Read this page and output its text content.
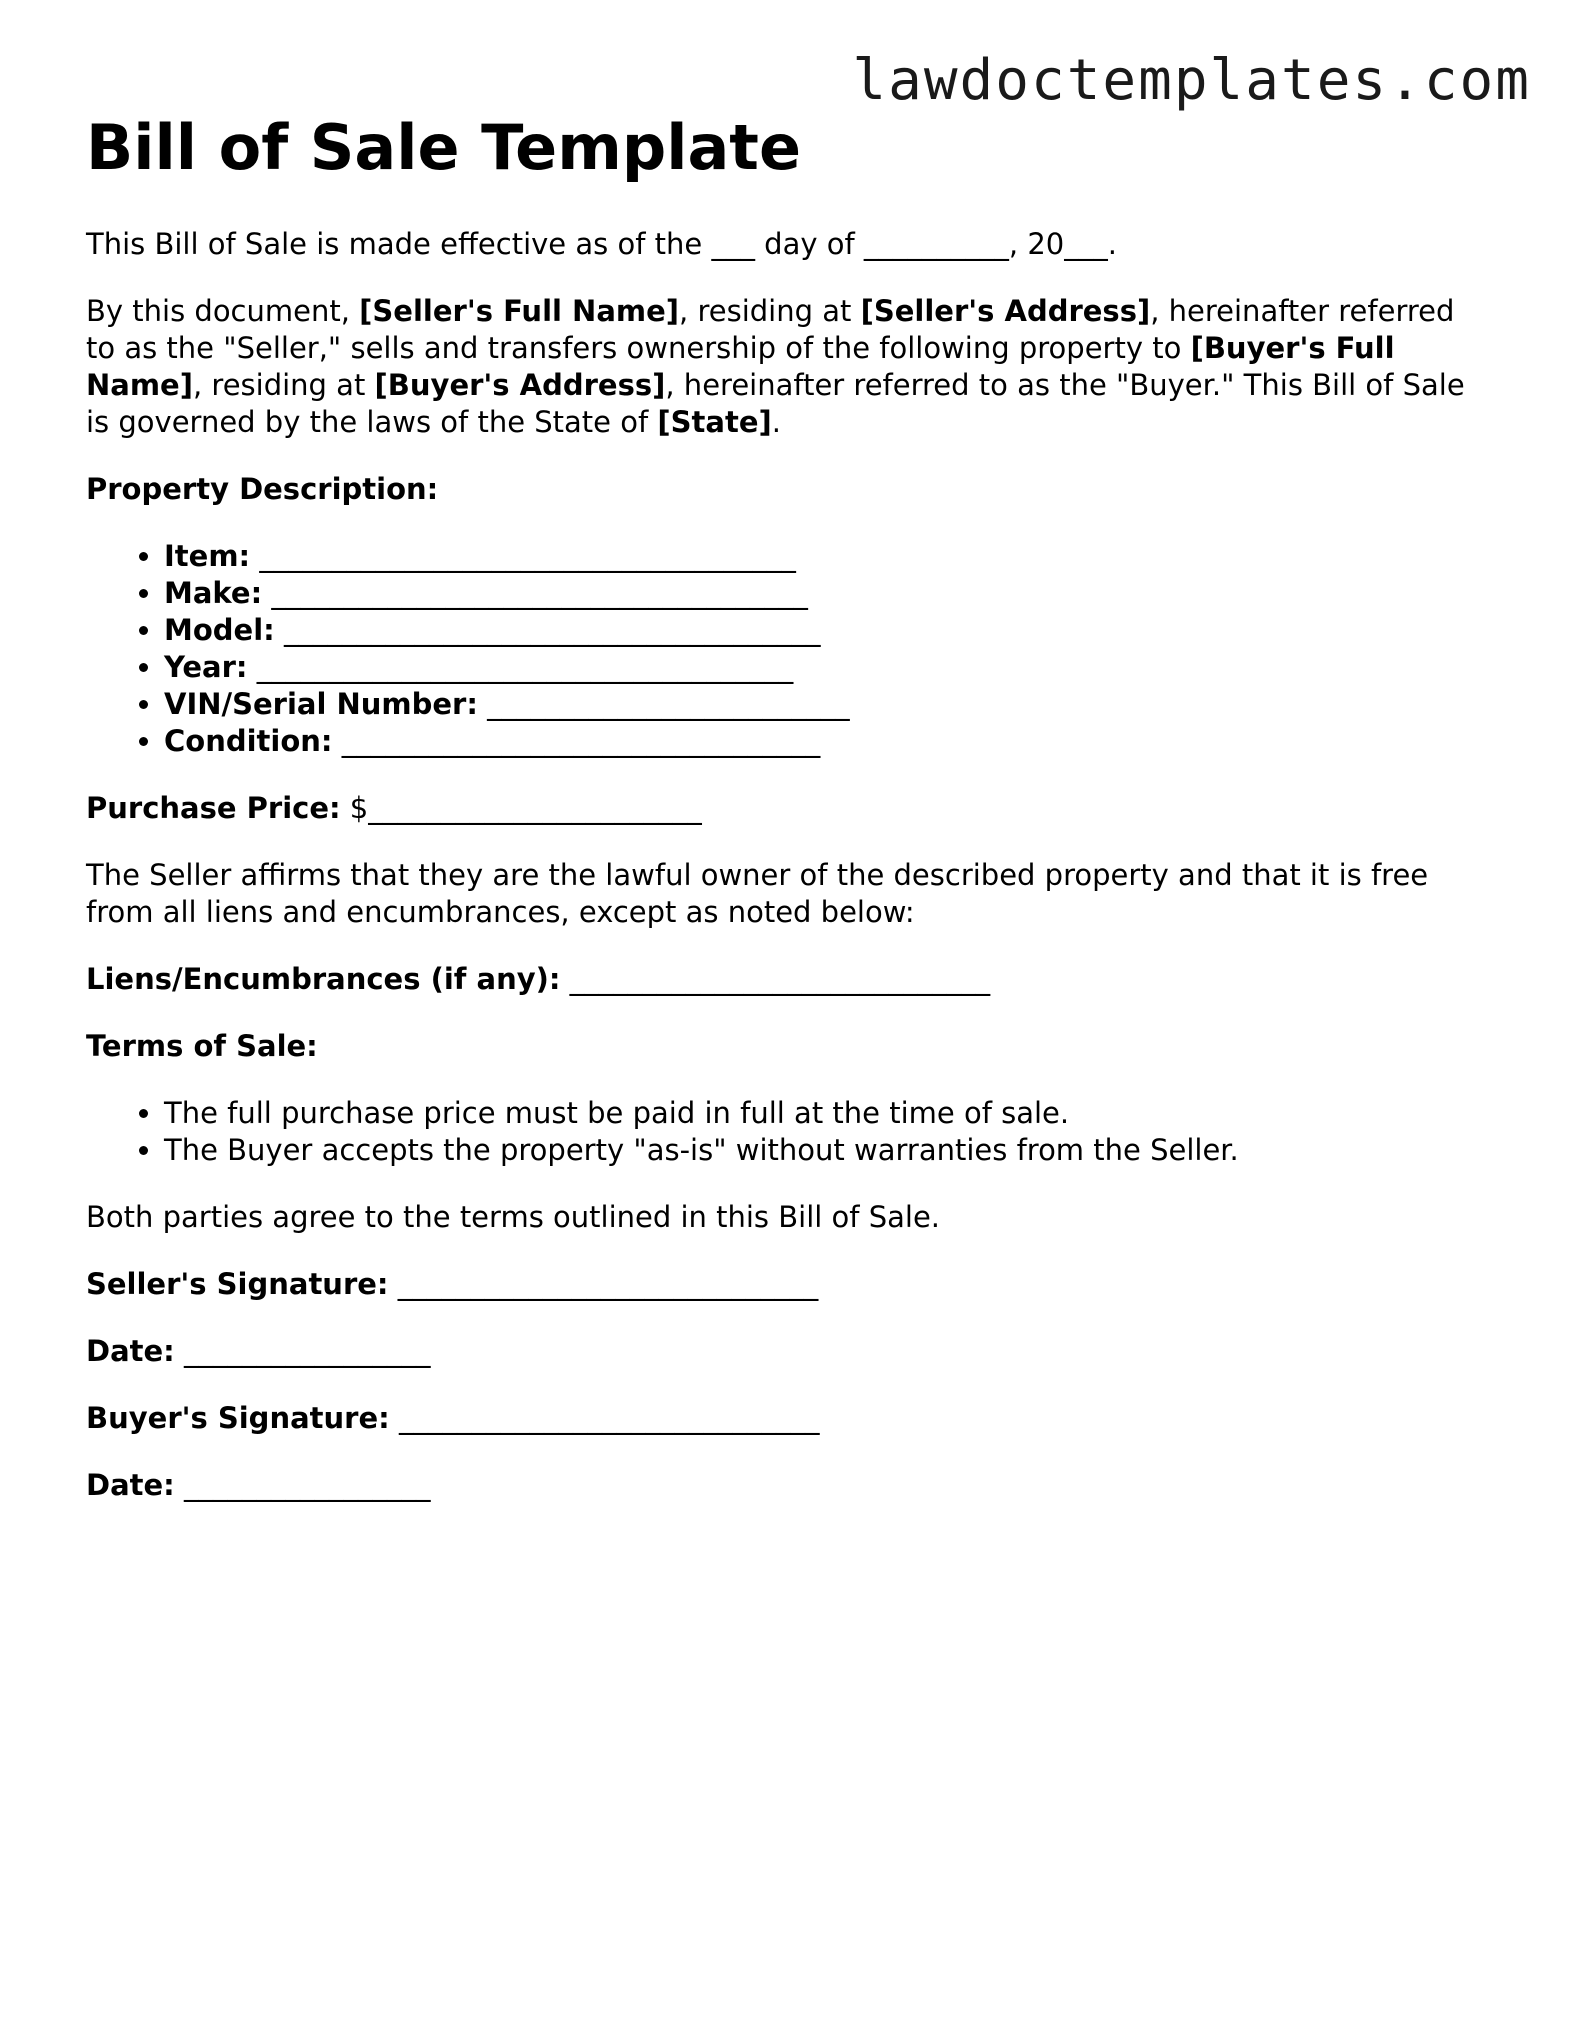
lawdoctemplates.com
Bill of Sale Template

This Bill of Sale is made effective as of the ___ day of __________, 20___.

By this document, [Seller's Full Name], residing at [Seller's Address], hereinafter referred to as the "Seller," sells and transfers ownership of the following property to [Buyer's Full Name], residing at [Buyer's Address], hereinafter referred to as the "Buyer." This Bill of Sale is governed by the laws of the State of [State].

Property Description:

• Item: _____________________________________
• Make: _____________________________________
• Model: _____________________________________
• Year: _____________________________________
• VIN/Serial Number: _________________________
• Condition: _________________________________

Purchase Price: $_______________________

The Seller affirms that they are the lawful owner of the described property and that it is free from all liens and encumbrances, except as noted below:

Liens/Encumbrances (if any): _____________________________

Terms of Sale:

• The full purchase price must be paid in full at the time of sale.
• The Buyer accepts the property "as-is" without warranties from the Seller.

Both parties agree to the terms outlined in this Bill of Sale.

Seller's Signature: _____________________________

Date: _________________

Buyer's Signature: _____________________________

Date: _________________
